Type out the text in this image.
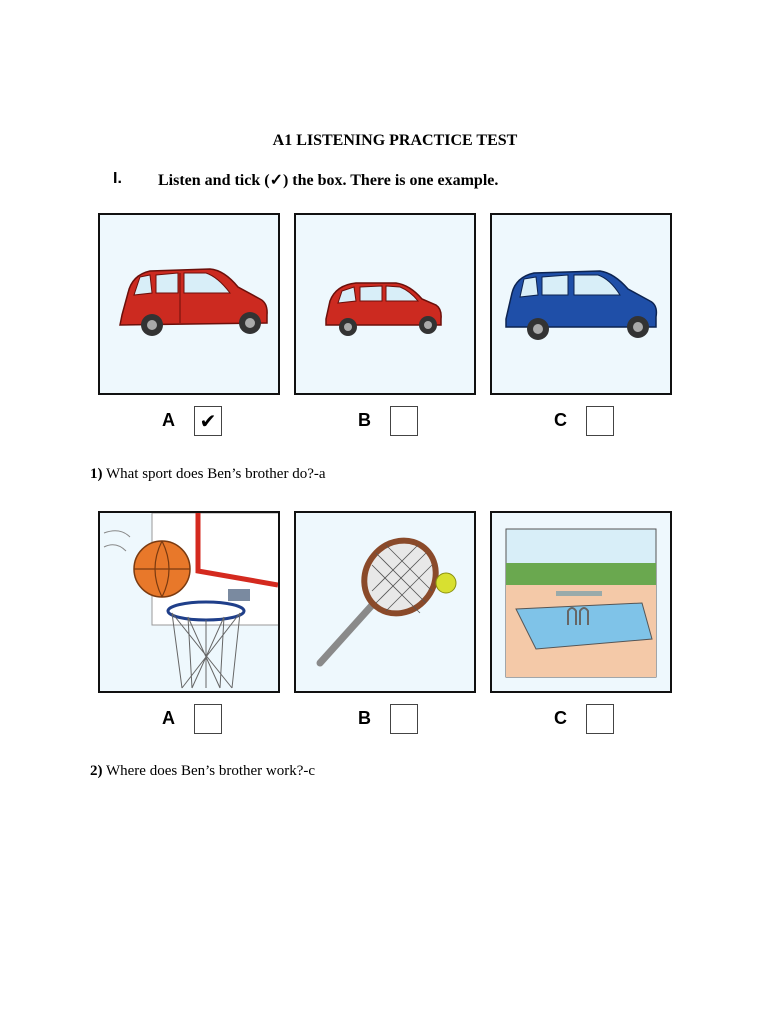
A1 LISTENING PRACTICE TEST
I. Listen and tick (✓) the box. There is one example.
A ✔	B	C
1) What sport does Ben’s brother do?-a
A	B	C
2) Where does Ben’s brother work?-c
